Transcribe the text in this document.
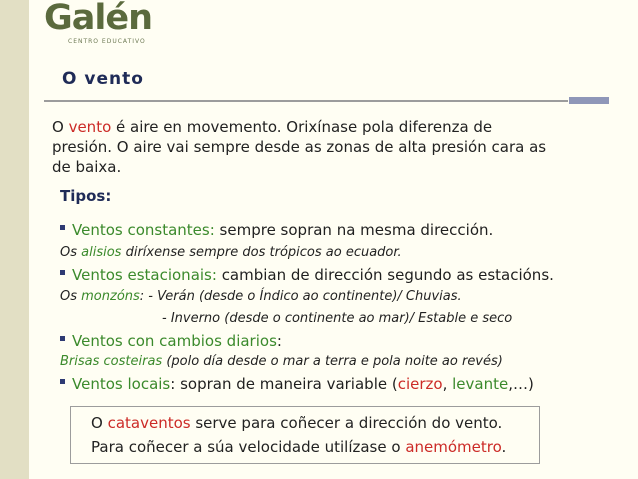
Galén
CENTRO EDUCATIVO
O vento
O vento é aire en movemento. Orixínase pola diferenza de
presión. O aire vai sempre desde as zonas de alta presión cara as
de baixa.
Tipos:
Ventos constantes: sempre sopran na mesma dirección.
Os alisios diríxense sempre dos trópicos ao ecuador.
Ventos estacionais: cambian de dirección segundo as estacións.
Os monzóns: - Verán (desde o Índico ao continente)/ Chuvias.
- Inverno (desde o continente ao mar)/ Estable e seco
Ventos con cambios diarios:
Brisas costeiras (polo día desde o mar a terra e pola noite ao revés)
Ventos locais: sopran de maneira variable (cierzo, levante,…)
O cataventos serve para coñecer a dirección do vento.
Para coñecer a súa velocidade utilízase o anemómetro.
